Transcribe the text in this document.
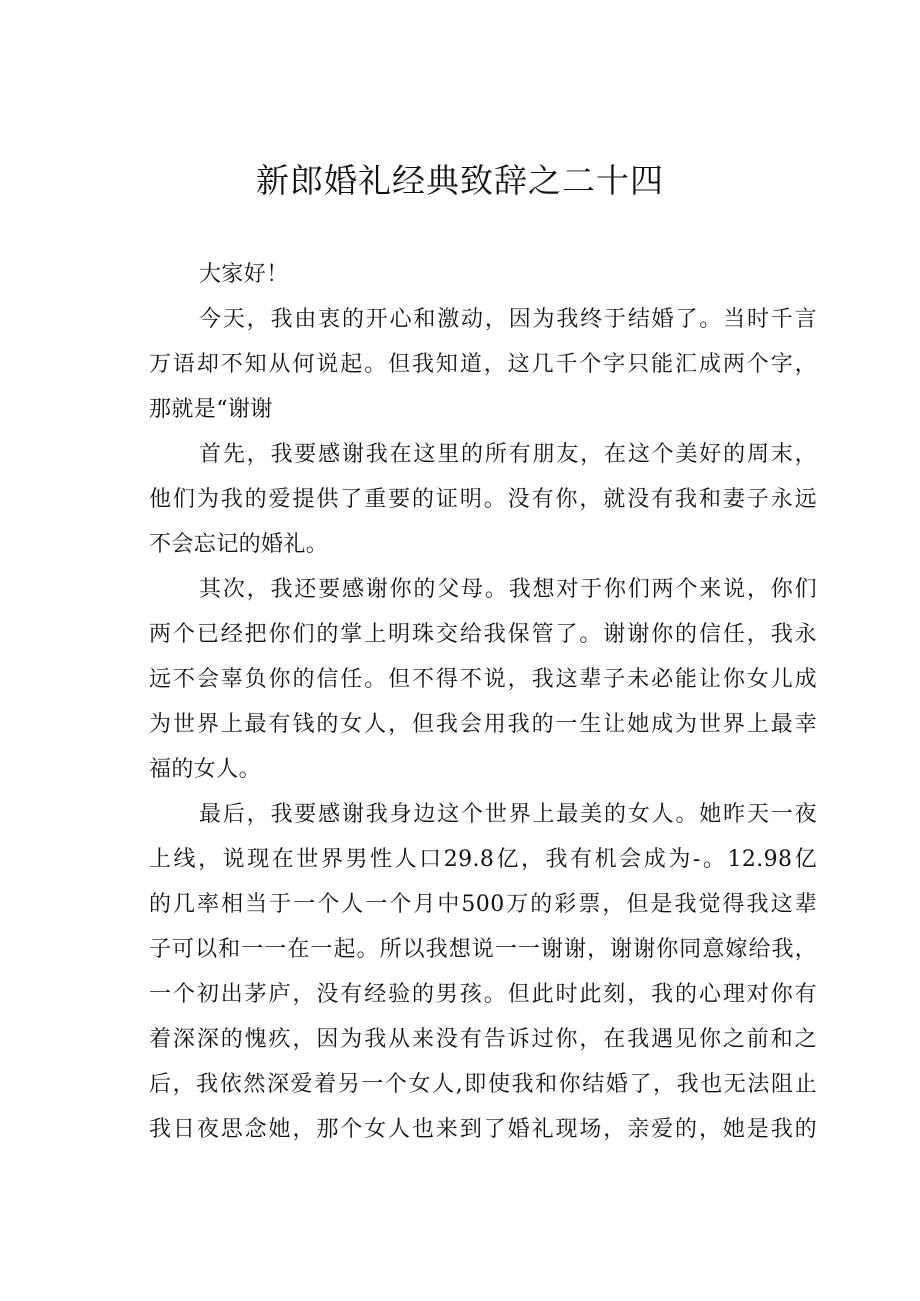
新郎婚礼经典致辞之二十四
大家好！
今天，我由衷的开心和激动，因为我终于结婚了。当时千言
万语却不知从何说起。但我知道，这几千个字只能汇成两个字，
那就是“谢谢
首先，我要感谢我在这里的所有朋友，在这个美好的周末，
他们为我的爱提供了重要的证明。没有你，就没有我和妻子永远
不会忘记的婚礼。
其次，我还要感谢你的父母。我想对于你们两个来说，你们
两个已经把你们的掌上明珠交给我保管了。谢谢你的信任，我永
远不会辜负你的信任。但不得不说，我这辈子未必能让你女儿成
为世界上最有钱的女人，但我会用我的一生让她成为世界上最幸
福的女人。
最后，我要感谢我身边这个世界上最美的女人。她昨天一夜
上线，说现在世界男性人口29.8亿，我有机会成为-。12.98亿
的几率相当于一个人一个月中500万的彩票，但是我觉得我这辈
子可以和一一在一起。所以我想说一一谢谢，谢谢你同意嫁给我，
一个初出茅庐，没有经验的男孩。但此时此刻，我的心理对你有
着深深的愧疚，因为我从来没有告诉过你，在我遇见你之前和之
后，我依然深爱着另一个女人,即使我和你结婚了，我也无法阻止
我日夜思念她，那个女人也来到了婚礼现场，亲爱的，她是我的
